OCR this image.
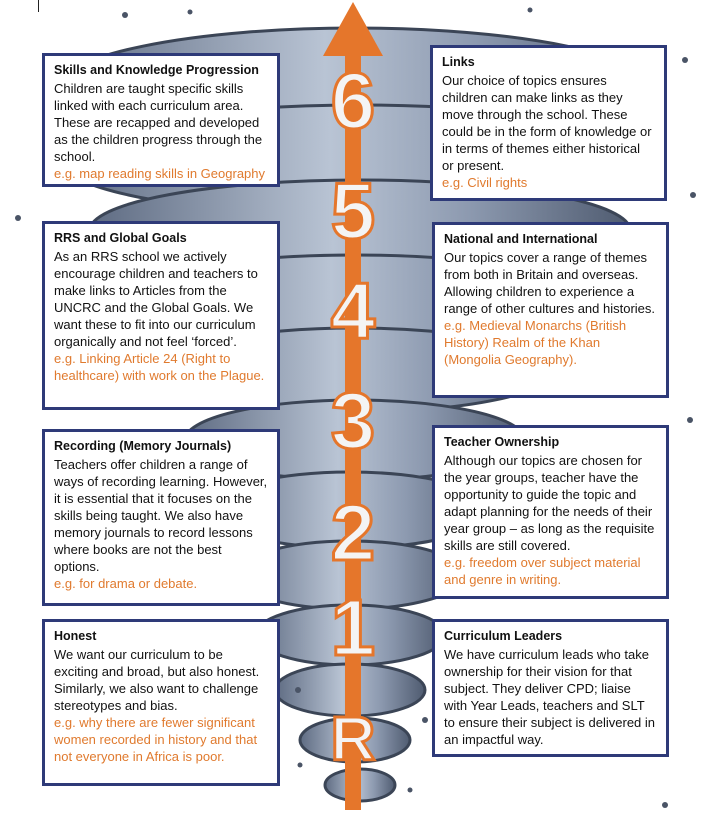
6
5
4
3
2
1
R
Skills and Knowledge Progression
Children are taught specific skills linked with each curriculum area. These are recapped and developed as the children progress through the school.
e.g. map reading skills in Geography
RRS and Global Goals
As an RRS school we actively encourage children and teachers to make links to Articles from the UNCRC and the Global Goals. We want these to fit into our curriculum organically and not feel ‘forced’.
e.g. Linking Article 24 (Right to healthcare) with work on the Plague.
Recording (Memory Journals)
Teachers offer children a range of ways of recording learning. However, it is essential that it focuses on the skills being taught. We also have memory journals to record lessons where books are not the best options.
e.g. for drama or debate.
Honest
We want our curriculum to be exciting and broad, but also honest. Similarly, we also want to challenge stereotypes and bias.
e.g. why there are fewer significant women recorded in history and that not everyone in Africa is poor.
Links
Our choice of topics ensures children can make links as they move through the school. These could be in the form of knowledge or in terms of themes either historical or present.
e.g. Civil rights
National and International
Our topics cover a range of themes from both in Britain and overseas. Allowing children to experience a range of other cultures and histories.
e.g. Medieval Monarchs (British History) Realm of the Khan (Mongolia Geography).
Teacher Ownership
Although our topics are chosen for the year groups, teacher have the opportunity to guide the topic and adapt planning for the needs of their year group – as long as the requisite skills are still covered.
e.g. freedom over subject material and genre in writing.
Curriculum Leaders
We have curriculum leads who take ownership for their vision for that subject. They deliver CPD; liaise with Year Leads, teachers and SLT to ensure their subject is delivered in an impactful way.
